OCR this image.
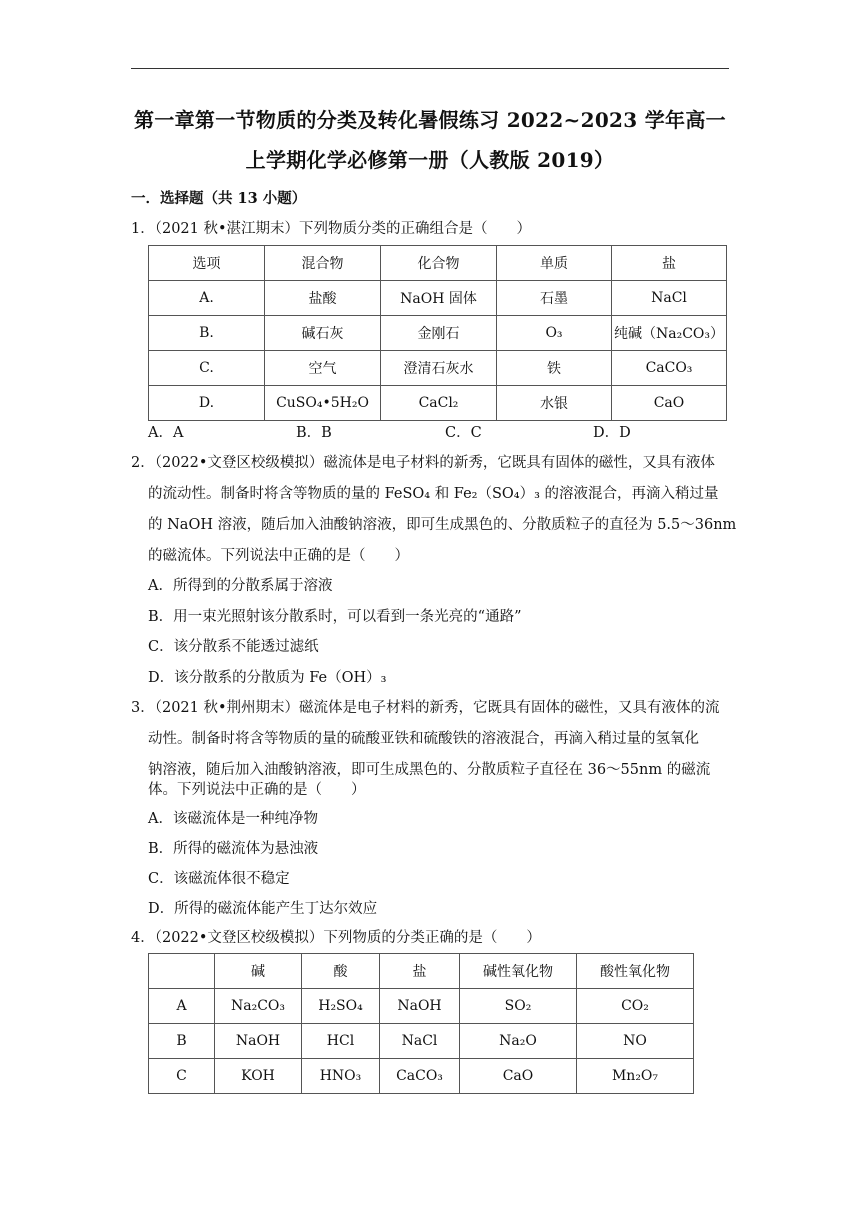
第一章第一节物质的分类及转化暑假练习 2022~2023 学年高一
上学期化学必修第一册（人教版 2019）
一．选择题（共 13 小题）
1．（2021 秋•湛江期末）下列物质分类的正确组合是（　　）
选项	混合物	化合物	单质	盐
A.	盐酸	NaOH 固体	石墨	NaCl
B.	碱石灰	金刚石	O₃	纯碱（Na₂CO₃）
C.	空气	澄清石灰水	铁	CaCO₃
D.	CuSO₄•5H₂O	CaCl₂	水银	CaO
A．A	B．B	C．C	D．D
2．（2022•文登区校级模拟）磁流体是电子材料的新秀，它既具有固体的磁性，又具有液体
的流动性。制备时将含等物质的量的 FeSO₄ 和 Fe₂（SO₄）₃ 的溶液混合，再滴入稍过量
的 NaOH 溶液，随后加入油酸钠溶液，即可生成黑色的、分散质粒子的直径为 5.5～36nm
的磁流体。下列说法中正确的是（　　）
A．所得到的分散系属于溶液
B．用一束光照射该分散系时，可以看到一条光亮的“通路”
C．该分散系不能透过滤纸
D．该分散系的分散质为 Fe（OH）₃
3．（2021 秋•荆州期末）磁流体是电子材料的新秀，它既具有固体的磁性，又具有液体的流
动性。制备时将含等物质的量的硫酸亚铁和硫酸铁的溶液混合，再滴入稍过量的氢氧化
钠溶液，随后加入油酸钠溶液，即可生成黑色的、分散质粒子直径在 36～55nm 的磁流
体。下列说法中正确的是（　　）
A．该磁流体是一种纯净物
B．所得的磁流体为悬浊液
C．该磁流体很不稳定
D．所得的磁流体能产生丁达尔效应
4．（2022•文登区校级模拟）下列物质的分类正确的是（　　）
	碱	酸	盐	碱性氧化物	酸性氧化物
A	Na₂CO₃	H₂SO₄	NaOH	SO₂	CO₂
B	NaOH	HCl	NaCl	Na₂O	NO
C	KOH	HNO₃	CaCO₃	CaO	Mn₂O₇
